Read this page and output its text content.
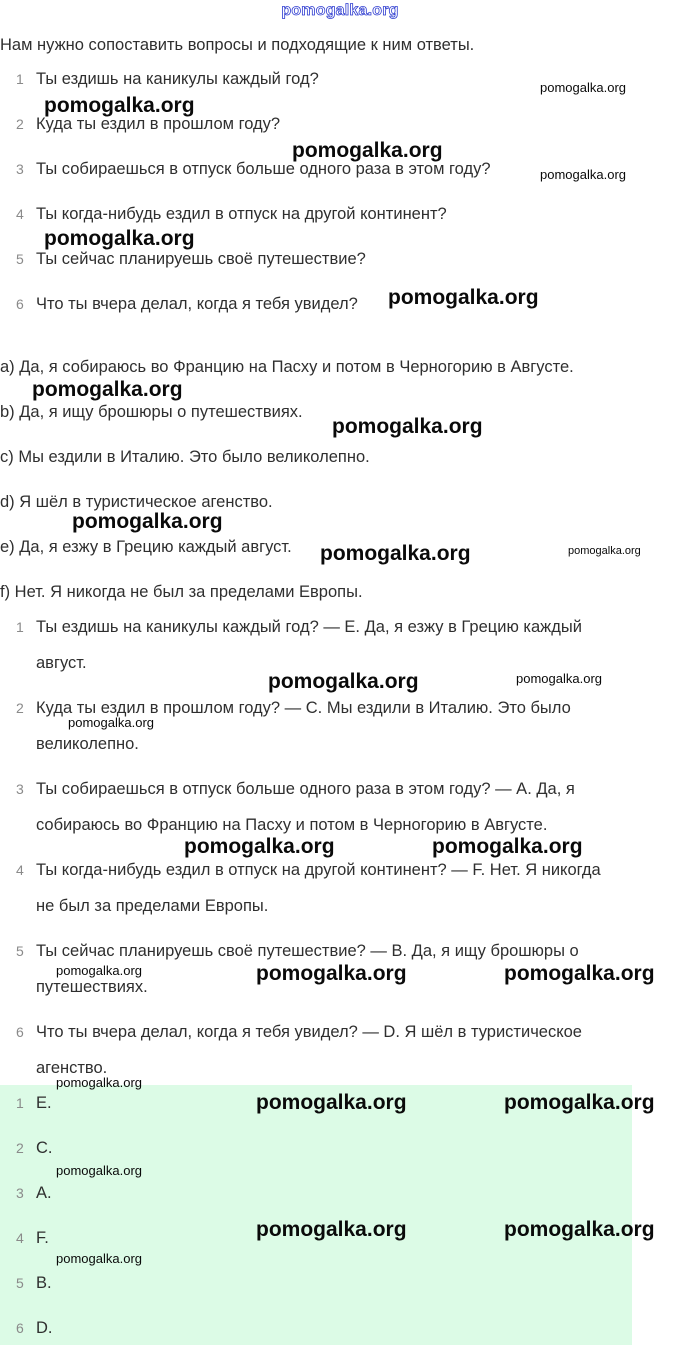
pomogalka.org
Нам нужно сопоставить вопросы и подходящие к ним ответы.
1 Ты ездишь на каникулы каждый год?
2 Куда ты ездил в прошлом году?
3 Ты собираешься в отпуск больше одного раза в этом году?
4 Ты когда-нибудь ездил в отпуск на другой континент?
5 Ты сейчас планируешь своё путешествие?
6 Что ты вчера делал, когда я тебя увидел?
a) Да, я собираюсь во Францию на Пасху и потом в Черногорию в Августе.
b) Да, я ищу брошюры о путешествиях.
c) Мы ездили в Италию. Это было великолепно.
d) Я шёл в туристическое агенство.
e) Да, я езжу в Грецию каждый август.
f) Нет. Я никогда не был за пределами Европы.
1 Ты ездишь на каникулы каждый год? — E. Да, я езжу в Грецию каждый
август.
2 Куда ты ездил в прошлом году? — C. Мы ездили в Италию. Это было
великолепно.
3 Ты собираешься в отпуск больше одного раза в этом году? — A. Да, я
собираюсь во Францию на Пасху и потом в Черногорию в Августе.
4 Ты когда-нибудь ездил в отпуск на другой континент? — F. Нет. Я никогда
не был за пределами Европы.
5 Ты сейчас планируешь своё путешествие? — B. Да, я ищу брошюры о
путешествиях.
6 Что ты вчера делал, когда я тебя увидел? — D. Я шёл в туристическое
агенство.
1 E.
2 C.
3 A.
4 F.
5 B.
6 D.
pomogalka.org
pomogalka.org
pomogalka.org
pomogalka.org
pomogalka.org
pomogalka.org
pomogalka.org
pomogalka.org
pomogalka.org
pomogalka.org	pomogalka.org
pomogalka.org	pomogalka.org
pomogalka.org
pomogalka.org	pomogalka.org
pomogalka.org	pomogalka.org	pomogalka.org
pomogalka.org
pomogalka.org	pomogalka.org
pomogalka.org
pomogalka.org	pomogalka.org
pomogalka.org
